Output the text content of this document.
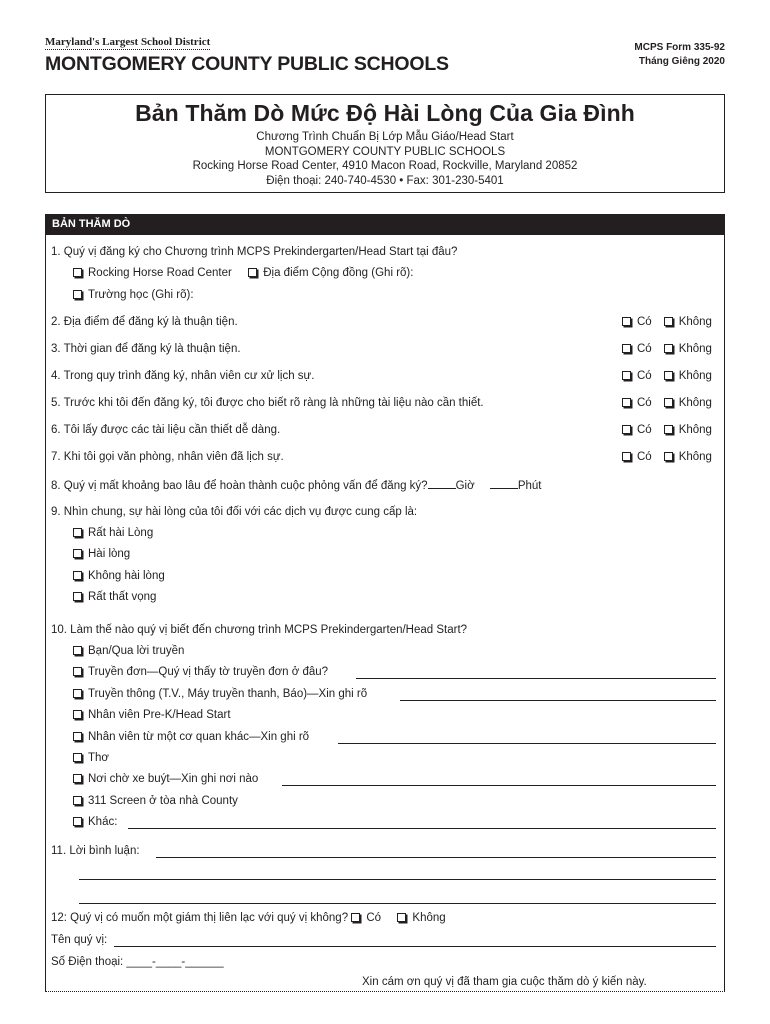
Maryland's Largest School District
MONTGOMERY COUNTY PUBLIC SCHOOLS
MCPS Form 335-92
Tháng Giêng 2020
Bản Thăm Dò Mức Độ Hài Lòng Của Gia Đình
Chương Trình Chuẩn Bị Lớp Mẫu Giáo/Head Start
MONTGOMERY COUNTY PUBLIC SCHOOLS
Rocking Horse Road Center, 4910 Macon Road, Rockville, Maryland 20852
Điện thoại: 240-740-4530 • Fax: 301-230-5401
BẢN THĂM DÒ
1. Quý vị đăng ký cho Chương trình MCPS Prekindergarten/Head Start tại đâu?
Rocking Horse Road Center	Địa điểm Cộng đồng (Ghi rõ):
Trường học (Ghi rõ):
2. Địa điểm để đăng ký là thuận tiện.	Có Không
3. Thời gian để đăng ký là thuận tiện.	Có Không
4. Trong quy trình đăng ký, nhân viên cư xử lịch sự.	Có Không
5. Trước khi tôi đến đăng ký, tôi được cho biết rõ ràng là những tài liệu nào cần thiết.	Có Không
6. Tôi lấy được các tài liệu cần thiết dễ dàng.	Có Không
7. Khi tôi gọi văn phòng, nhân viên đã lịch sự.	Có Không
8. Quý vị mất khoảng bao lâu để hoàn thành cuộc phỏng vấn để đăng ký? Giờ	Phút
9. Nhìn chung, sự hài lòng của tôi đối với các dịch vụ được cung cấp là:
Rất hài Lòng
Hài lòng
Không hài lòng
Rất thất vọng
10. Làm thế nào quý vị biết đến chương trình MCPS Prekindergarten/Head Start?
Bạn/Qua lời truyền
Truyền đơn—Quý vị thấy tờ truyền đơn ở đâu?
Truyền thông (T.V., Máy truyền thanh, Báo)—Xin ghi rõ
Nhân viên Pre-K/Head Start
Nhân viên từ một cơ quan khác—Xin ghi rõ
Thơ
Nơi chờ xe buýt—Xin ghi nơi nào
311 Screen ở tòa nhà County
Khác:
11. Lời bình luận:
12: Quý vị có muốn một giám thị liên lạc với quý vị không? Có	Không
Tên quý vị:
Số Điện thoại: ____-____-______
Xin cám ơn quý vị đã tham gia cuộc thăm dò ý kiến này.
